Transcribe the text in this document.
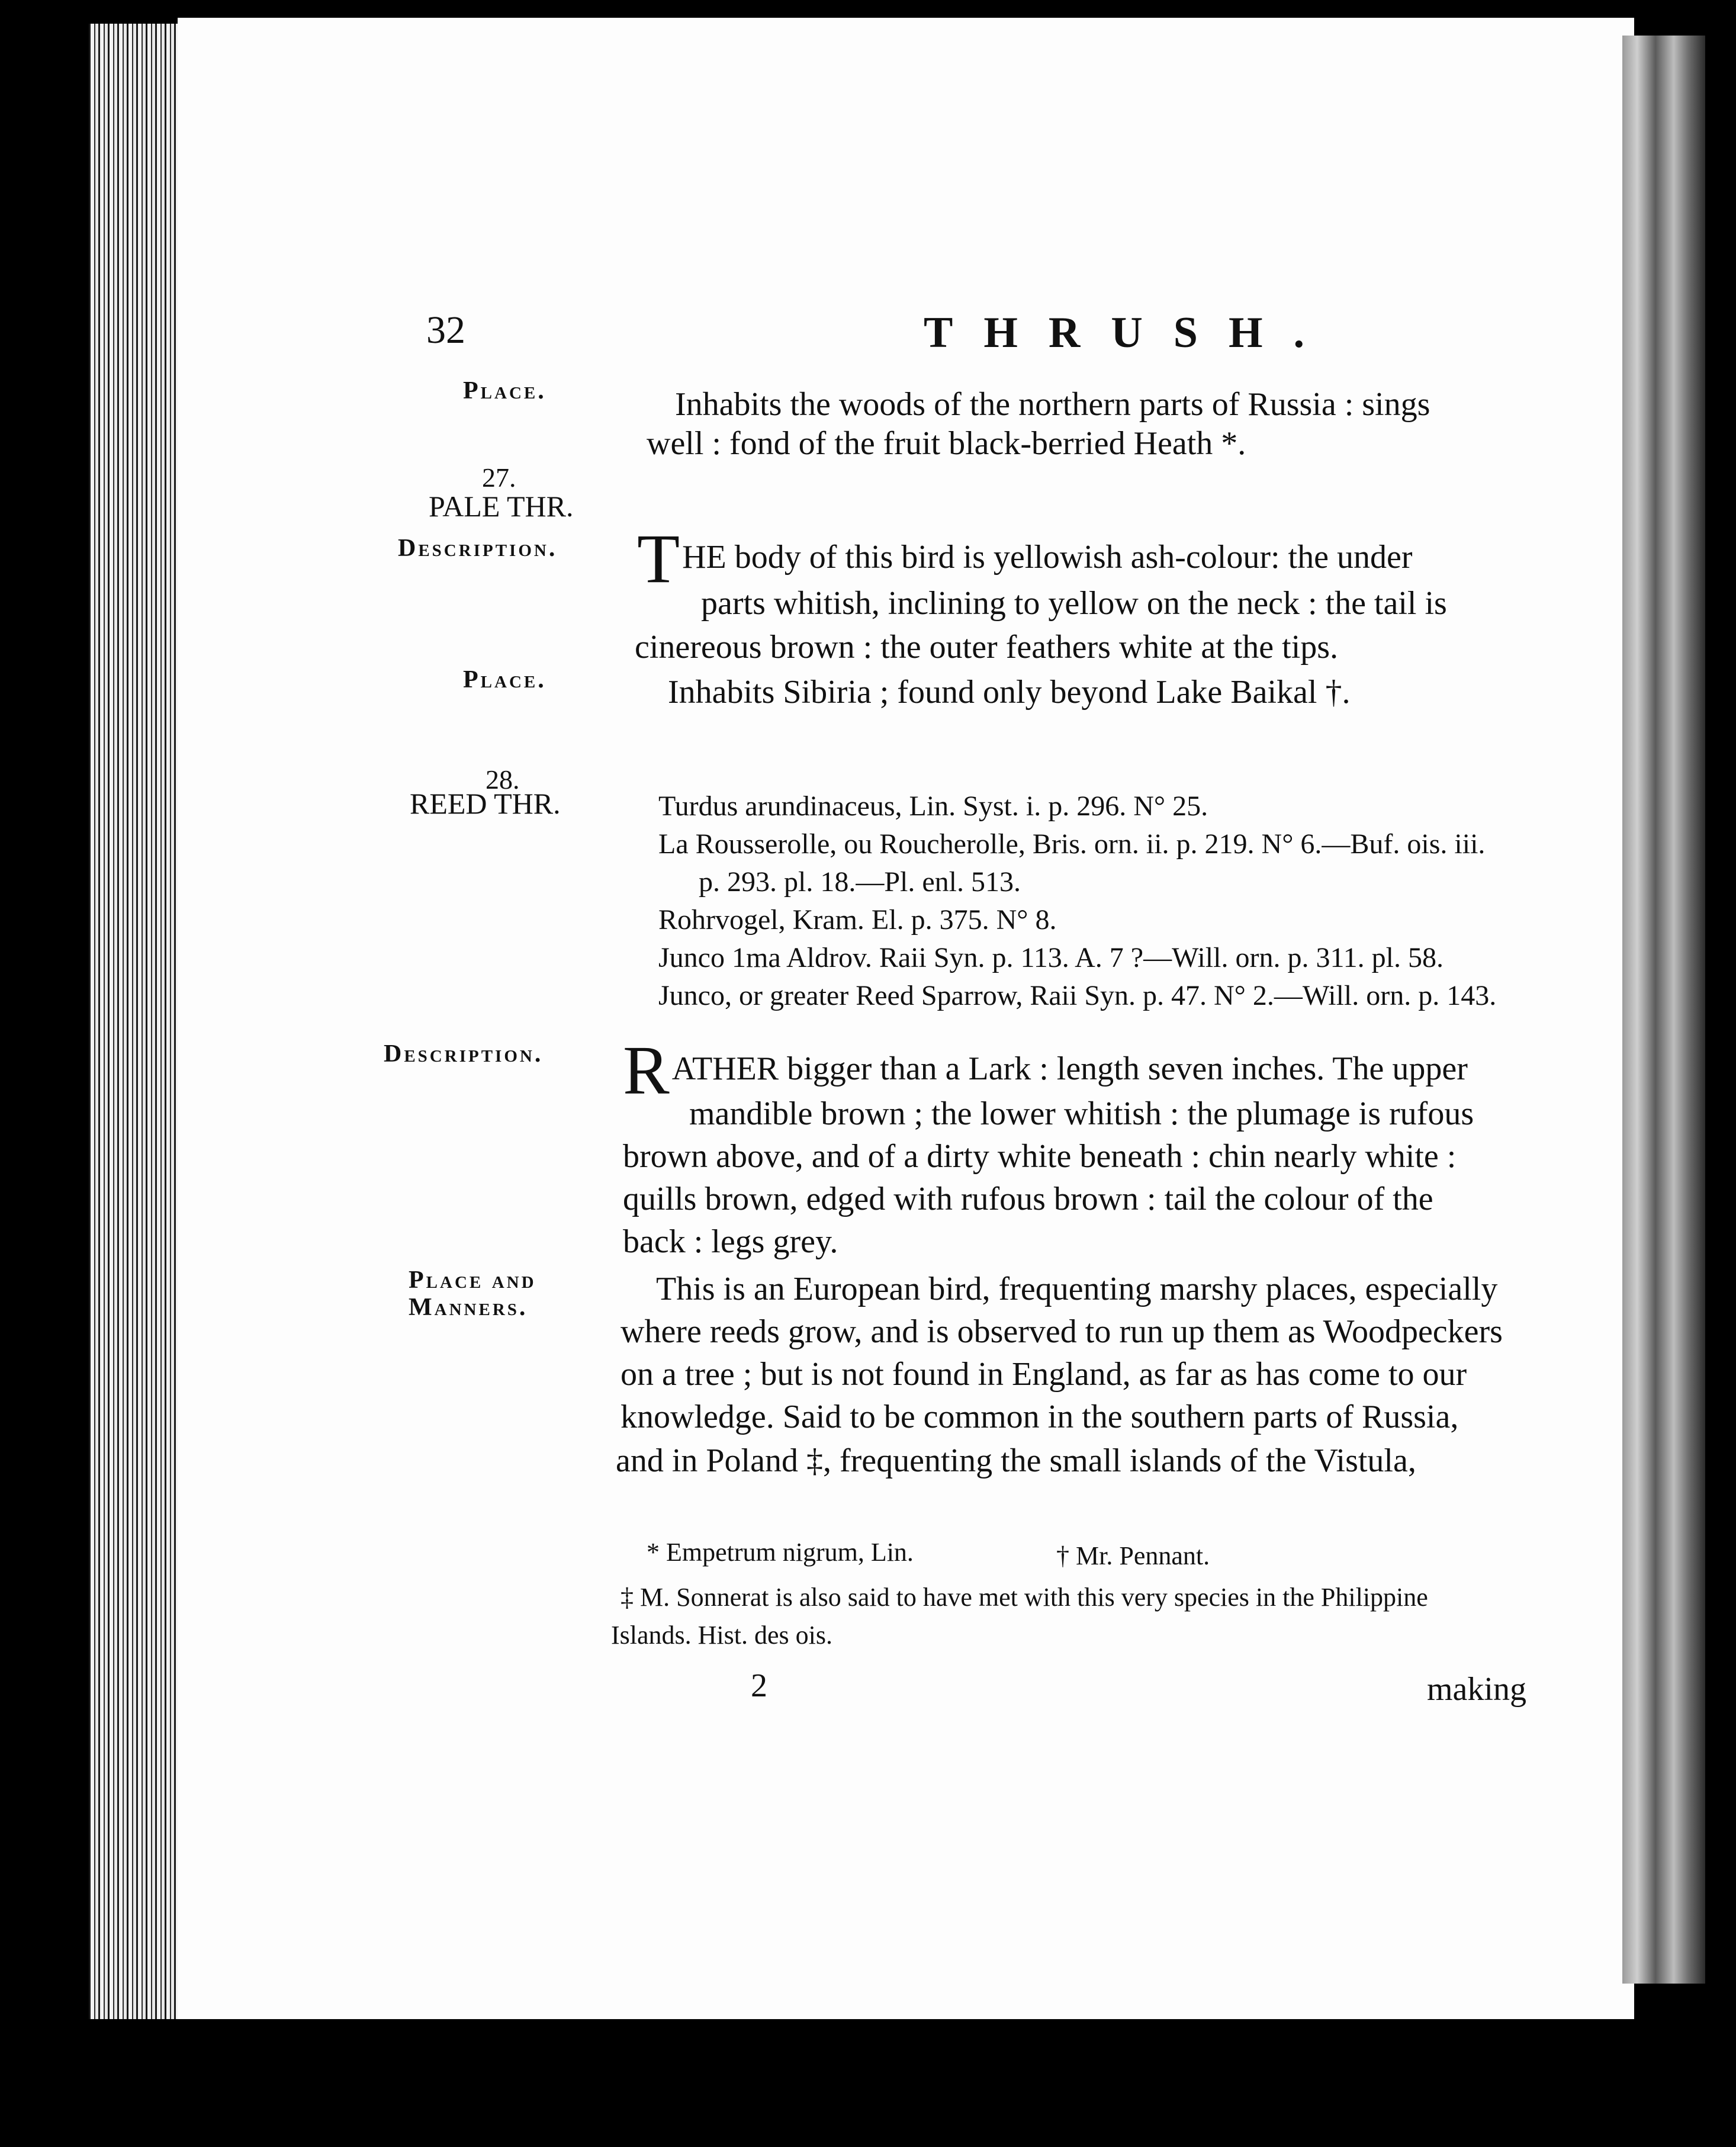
32	THRUSH.
Place.	Inhabits the woods of the northern parts of Russia : sings
well : fond of the fruit black-berried Heath *.
27.
PALE THR.
Description. THE body of this bird is yellowish ash-colour: the under
parts whitish, inclining to yellow on the neck : the tail is
cinereous brown : the outer feathers white at the tips.
Place.	Inhabits Sibiria ; found only beyond Lake Baikal †.
28.
REED THR.	Turdus arundinaceus, Lin. Syst. i. p. 296. N° 25.
La Rousserolle, ou Roucherolle, Bris. orn. ii. p. 219. N° 6.—Buf. ois. iii.
p. 293. pl. 18.—Pl. enl. 513.
Rohrvogel, Kram. El. p. 375. N° 8.
Junco 1ma Aldrov. Raii Syn. p. 113. A. 7 ?—Will. orn. p. 311. pl. 58.
Junco, or greater Reed Sparrow, Raii Syn. p. 47. N° 2.—Will. orn. p. 143.
Description. RATHER bigger than a Lark : length seven inches. The upper
mandible brown ; the lower whitish : the plumage is rufous
brown above, and of a dirty white beneath : chin nearly white :
quills brown, edged with rufous brown : tail the colour of the
back : legs grey.
Place and
Manners.	This is an European bird, frequenting marshy places, especially
where reeds grow, and is observed to run up them as Woodpeckers
on a tree ; but is not found in England, as far as has come to our
knowledge. Said to be common in the southern parts of Russia,
and in Poland ‡, frequenting the small islands of the Vistula,
* Empetrum nigrum, Lin.	† Mr. Pennant.
‡ M. Sonnerat is also said to have met with this very species in the Philippine
Islands. Hist. des ois.
2	making
